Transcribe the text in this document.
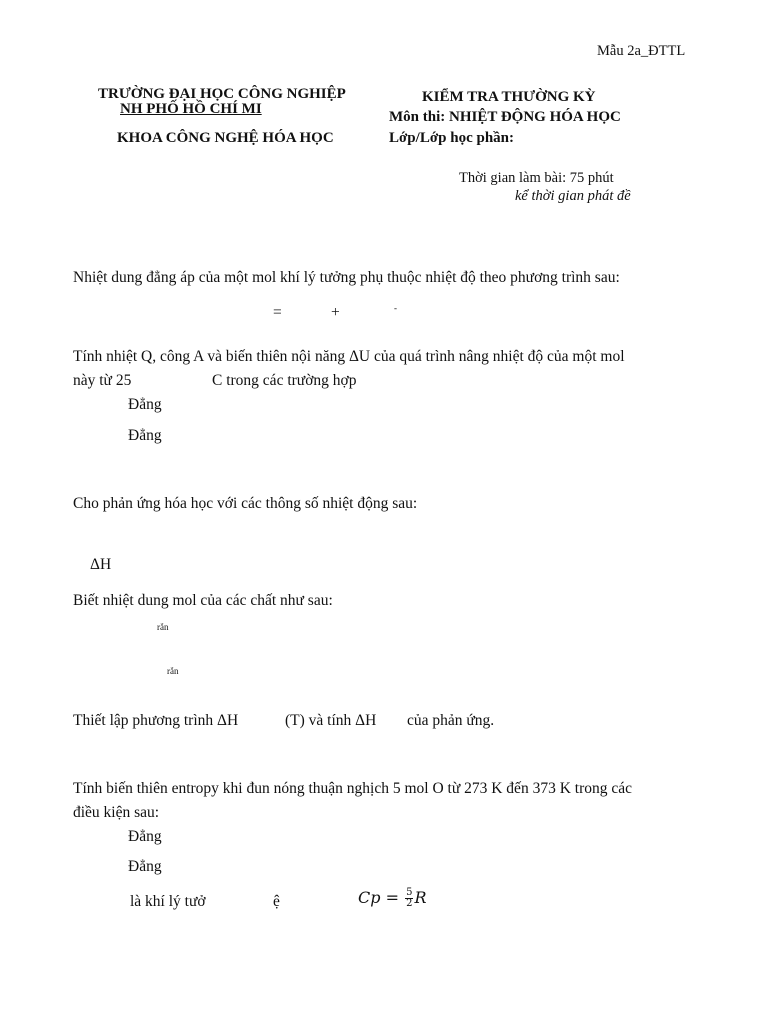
Mẫu 2a_ĐTTL
TRƯỜNG ĐẠI HỌC CÔNG NGHIỆP
NH PHỐ HỒ CHÍ MI
KHOA CÔNG NGHỆ HÓA HỌC
KIỂM TRA THƯỜNG KỲ
Môn thi: NHIỆT ĐỘNG HÓA HỌC
Lớp/Lớp học phần:
Thời gian làm bài: 75 phút
kể thời gian phát đề
Nhiệt dung đẳng áp của một mol khí lý tưởng phụ thuộc nhiệt độ theo phương trình sau:
=	+	-
Tính nhiệt Q, công A và biến thiên nội năng ΔU của quá trình nâng nhiệt độ của một mol
này từ 25	C trong các trường hợp
Đẳng
Đẳng
Cho phản ứng hóa học với các thông số nhiệt động sau:
ΔH
Biết nhiệt dung mol của các chất như sau:
rắn
rắn
Thiết lập phương trình ΔH	(T) và tính ΔH của phản ứng.
Tính biến thiên entropy khi đun nóng thuận nghịch 5 mol O từ 273 K đến 373 K trong các
điều kiện sau:
Đẳng
Đẳng
là khí lý tưở	ệ	$Cp = \frac{5}{2}$ R
